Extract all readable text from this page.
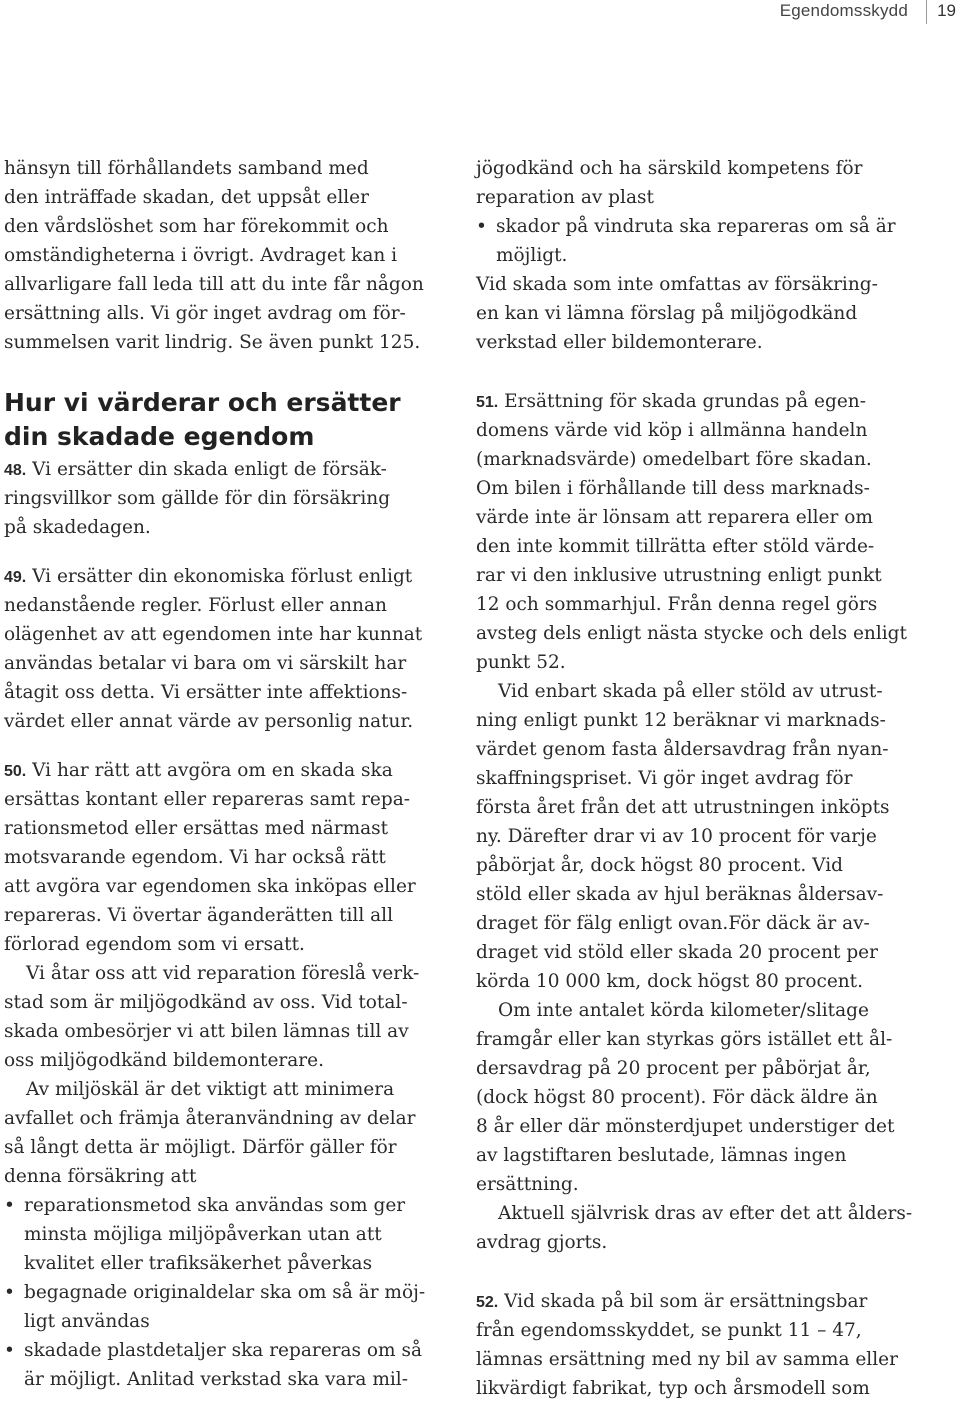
Egendomsskydd 19
hänsyn till förhållandets samband med
den inträffade skadan, det uppsåt eller
den vårdslöshet som har förekommit och
omständigheterna i övrigt. Avdraget kan i
allvarligare fall leda till att du inte får någon
ersättning alls. Vi gör inget avdrag om för-
summelsen varit lindrig. Se även punkt 125.
Hur vi värderar och ersätter
din skadade egendom
48. Vi ersätter din skada enligt de försäk-
ringsvillkor som gällde för din försäkring
på skadedagen.
49. Vi ersätter din ekonomiska förlust enligt
nedanstående regler. Förlust eller annan
olägenhet av att egendomen inte har kunnat
användas betalar vi bara om vi särskilt har
åtagit oss detta. Vi ersätter inte affektions-
värdet eller annat värde av personlig natur.
50. Vi har rätt att avgöra om en skada ska
ersättas kontant eller repareras samt repa-
rationsmetod eller ersättas med närmast
motsvarande egendom. Vi har också rätt
att avgöra var egendomen ska inköpas eller
repareras. Vi övertar äganderätten till all
förlorad egendom som vi ersatt.
Vi åtar oss att vid reparation föreslå verk-
stad som är miljögodkänd av oss. Vid total-
skada ombesörjer vi att bilen lämnas till av
oss miljögodkänd bildemonterare.
Av miljöskäl är det viktigt att minimera
avfallet och främja återanvändning av delar
så långt detta är möjligt. Därför gäller för
denna försäkring att
• reparationsmetod ska användas som ger
minsta möjliga miljöpåverkan utan att
kvalitet eller trafiksäkerhet påverkas
• begagnade originaldelar ska om så är möj-
ligt användas
• skadade plastdetaljer ska repareras om så
är möjligt. Anlitad verkstad ska vara mil-
jögodkänd och ha särskild kompetens för
reparation av plast
• skador på vindruta ska repareras om så är
möjligt.
Vid skada som inte omfattas av försäkring-
en kan vi lämna förslag på miljögodkänd
verkstad eller bildemonterare.
51. Ersättning för skada grundas på egen-
domens värde vid köp i allmänna handeln
(marknadsvärde) omedelbart före skadan.
Om bilen i förhållande till dess marknads-
värde inte är lönsam att reparera eller om
den inte kommit tillrätta efter stöld värde-
rar vi den inklusive utrustning enligt punkt
12 och sommarhjul. Från denna regel görs
avsteg dels enligt nästa stycke och dels enligt
punkt 52.
Vid enbart skada på eller stöld av utrust-
ning enligt punkt 12 beräknar vi marknads-
värdet genom fasta åldersavdrag från nyan-
skaffningspriset. Vi gör inget avdrag för
första året från det att utrustningen inköpts
ny. Därefter drar vi av 10 procent för varje
påbörjat år, dock högst 80 procent. Vid
stöld eller skada av hjul beräknas åldersav-
draget för fälg enligt ovan.För däck är av-
draget vid stöld eller skada 20 procent per
körda 10 000 km, dock högst 80 procent.
Om inte antalet körda kilometer/slitage
framgår eller kan styrkas görs istället ett ål-
dersavdrag på 20 procent per påbörjat år,
(dock högst 80 procent). För däck äldre än
8 år eller där mönsterdjupet understiger det
av lagstiftaren beslutade, lämnas ingen
ersättning.
Aktuell självrisk dras av efter det att ålders-
avdrag gjorts.
52. Vid skada på bil som är ersättningsbar
från egendomsskyddet, se punkt 11 – 47,
lämnas ersättning med ny bil av samma eller
likvärdigt fabrikat, typ och årsmodell som
